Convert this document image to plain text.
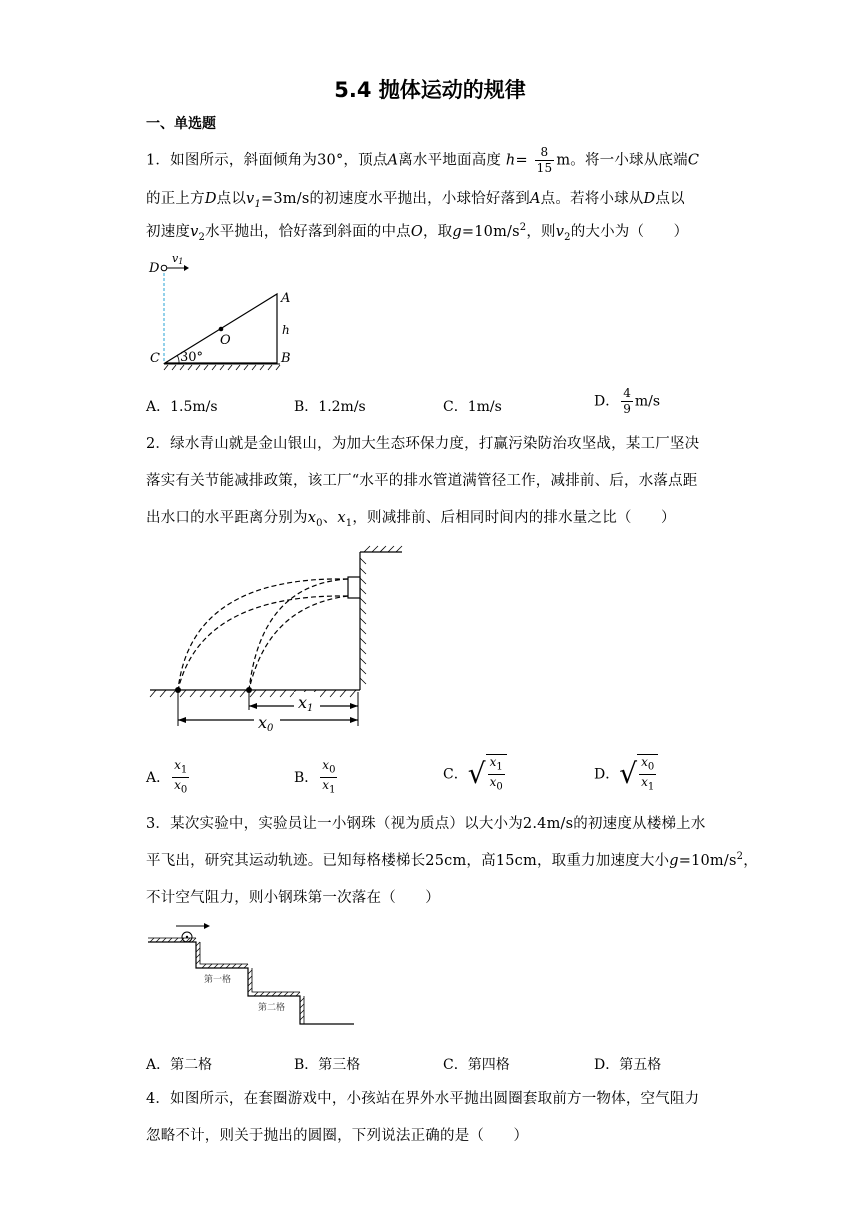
5.4 抛体运动的规律
一、单选题
1．如图所示，斜面倾角为30°，顶点A离水平地面高度 $h= \frac{8}{15}$ m。将一小球从底端C
的正上方D点以$v_1=3m/s$的初速度水平抛出，小球恰好落到A点。若将小球从D点以
初速度$v_2$水平抛出，恰好落到斜面的中点O，取$g=10m/s^2$，则$v_2$的大小为（　　）
D
v1
A
h
O
C	B
30°
A．1.5m/s	B．1.2m/s	C．1m/s	D． $\frac{4}{9} m/s$
2．绿水青山就是金山银山，为加大生态环保力度，打赢污染防治攻坚战，某工厂坚决
落实有关节能减排政策，该工厂“水平的排水管道满管径工作，减排前、后，水落点距
出水口的水平距离分别为$x_0$、$x_1$，则减排前、后相同时间内的排水量之比（　　）
x1
x0
A． $\frac{x_1}{x_0}$	B． $\frac{x_0}{x_1}$	C．√ $\frac{x_1}{x_0}$	D．√ $\frac{x_0}{x_1}$
3．某次实验中，实验员让一小钢珠（视为质点）以大小为2.4m/s的初速度从楼梯上水
平飞出，研究其运动轨迹。已知每格楼梯长25cm，高15cm，取重力加速度大小$g=10m/s^2$，
不计空气阻力，则小钢珠第一次落在（　　）
第一格
第二格
A．第二格	B．第三格	C．第四格	D．第五格
4．如图所示，在套圈游戏中，小孩站在界外水平抛出圆圈套取前方一物体，空气阻力
忽略不计，则关于抛出的圆圈，下列说法正确的是（　　）
